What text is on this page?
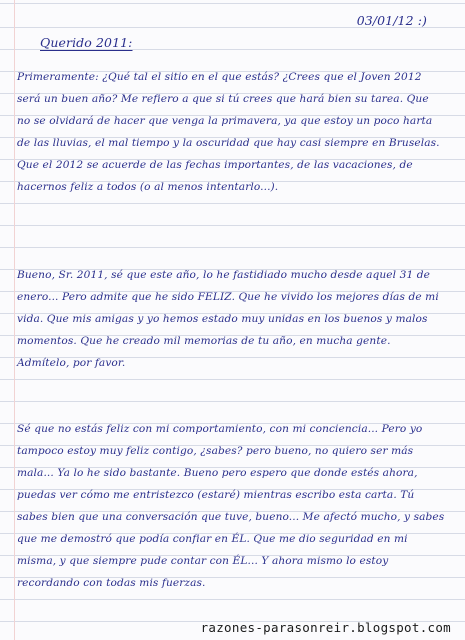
03/01/12 :)
Querido 2011:

Primeramente: ¿Qué tal el sitio en el que estás? ¿Crees que el Joven 2012 será un buen año? Me refiero a que si tú crees que hará bien su tarea. Que no se olvidará de hacer que venga la primavera, ya que estoy un poco harta de las lluvias, el mal tiempo y la oscuridad que hay casi siempre en Bruselas. Que el 2012 se acuerde de las fechas importantes, de las vacaciones, de hacernos feliz a todos (o al menos intentarlo...).

Bueno, Sr. 2011, sé que este año, lo he fastidiado mucho desde aquel 31 de enero... Pero admite que he sido FELIZ. Que he vivido los mejores días de mi vida. Que mis amigas y yo hemos estado muy unidas en los buenos y malos momentos. Que he creado mil memorias de tu año, en mucha gente. Admítelo, por favor.

Sé que no estás feliz con mi comportamiento, con mi conciencia... Pero yo tampoco estoy muy feliz contigo, ¿sabes? pero bueno, no quiero ser más mala... Ya lo he sido bastante. Bueno pero espero que donde estés ahora, puedas ver cómo me entristezco (estaré) mientras escribo esta carta. Tú sabes bien que una conversación que tuve, bueno... Me afectó mucho, y sabes que me demostró que podía confiar en ÉL. Que me dio seguridad en mi misma, y que siempre pude contar con ÉL... Y ahora mismo lo estoy recordando con todas mis fuerzas.

razones-parasonreir.blogspot.com
